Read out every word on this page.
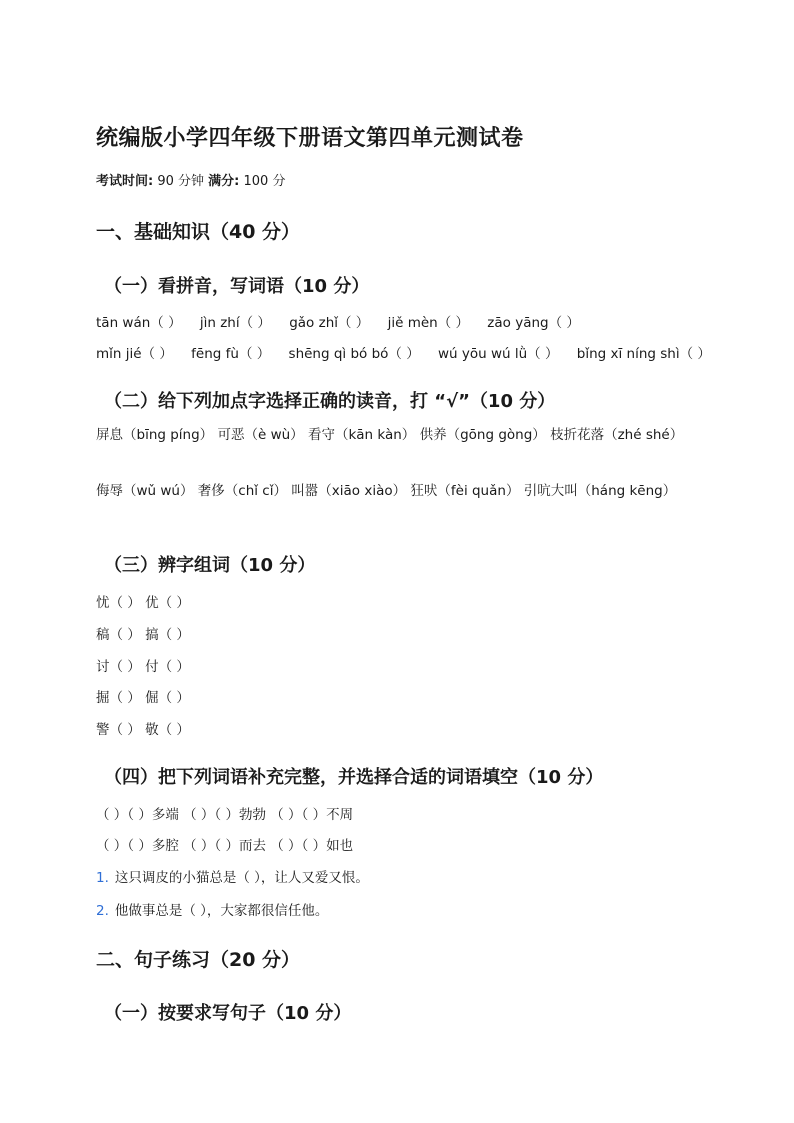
统编版小学四年级下册语文第四单元测试卷
考试时间: 90 分钟 满分: 100 分
一、基础知识（40 分）
（一）看拼音，写词语（10 分）
tān wán（ ） jìn zhí（ ） gǎo zhǐ（ ） jiě mèn（ ） zāo yāng（ ）
mǐn jié（ ） fēng fù（ ） shēng qì bó bó（ ） wú yōu wú lǜ（ ） bǐng xī níng shì（ ）
（二）给下列加点字选择正确的读音，打 “√”（10 分）
屏息（bīng píng） 可恶（è wù） 看守（kān kàn） 供养（gōng gòng） 枝折花落（zhé shé）
侮辱（wǔ wú） 奢侈（chǐ cǐ） 叫嚣（xiāo xiào） 狂吠（fèi quǎn） 引吭大叫（háng kēng）
（三）辨字组词（10 分）
忧（ ） 优（ ）
稿（ ） 搞（ ）
讨（ ） 付（ ）
掘（ ） 倔（ ）
警（ ） 敬（ ）
（四）把下列词语补充完整，并选择合适的词语填空（10 分）
（ ）（ ）多端 （ ）（ ）勃勃 （ ）（ ）不周
（ ）（ ）多腔 （ ）（ ）而去 （ ）（ ）如也
1. 这只调皮的小猫总是（ ），让人又爱又恨。
2. 他做事总是（ ），大家都很信任他。
二、句子练习（20 分）
（一）按要求写句子（10 分）
